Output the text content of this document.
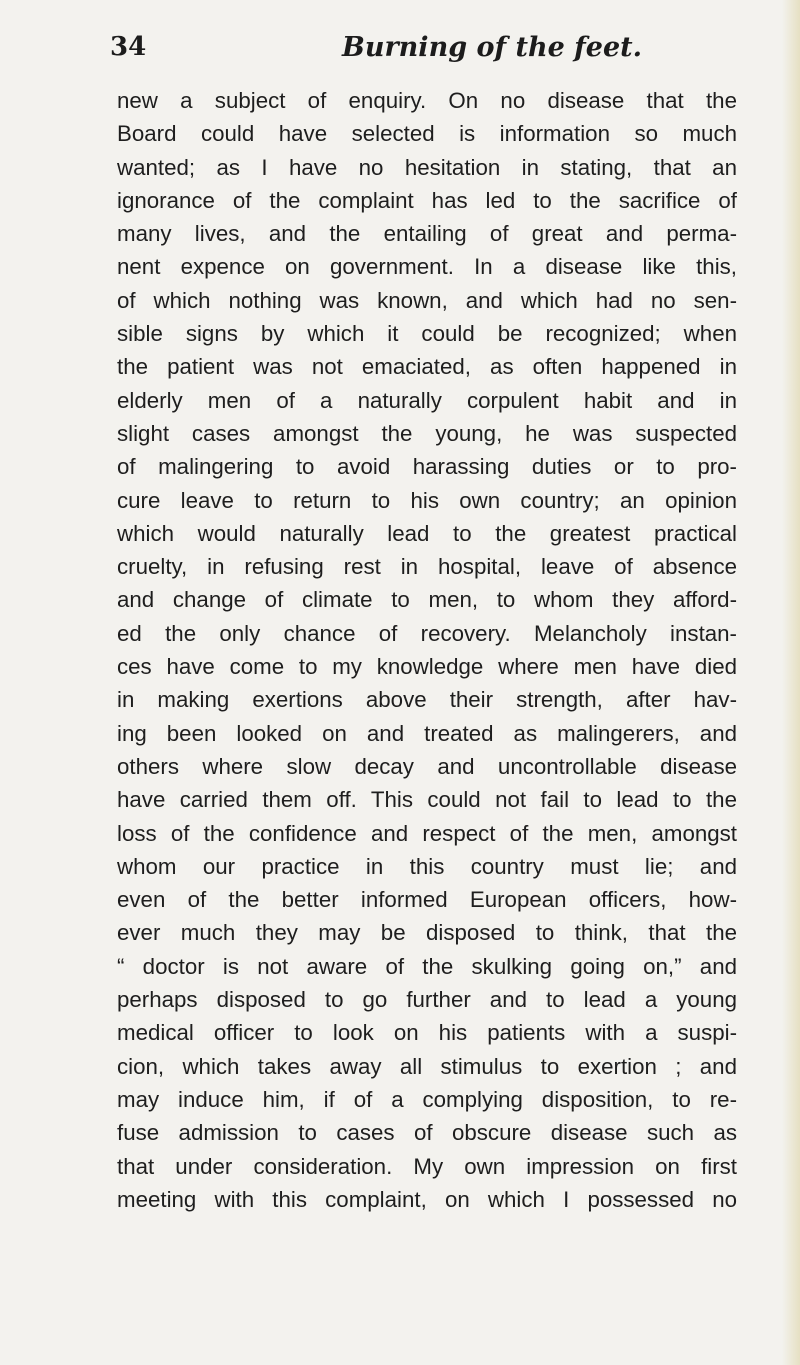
34	Burning of the feet.
new a subject of enquiry. On no disease that the
Board could have selected is information so much
wanted; as I have no hesitation in stating, that an
ignorance of the complaint has led to the sacrifice of
many lives, and the entailing of great and perma-
nent expence on government. In a disease like this,
of which nothing was known, and which had no sen-
sible signs by which it could be recognized; when
the patient was not emaciated, as often happened in
elderly men of a naturally corpulent habit and in
slight cases amongst the young, he was suspected
of malingering to avoid harassing duties or to pro-
cure leave to return to his own country; an opinion
which would naturally lead to the greatest practical
cruelty, in refusing rest in hospital, leave of absence
and change of climate to men, to whom they afford-
ed the only chance of recovery. Melancholy instan-
ces have come to my knowledge where men have died
in making exertions above their strength, after hav-
ing been looked on and treated as malingerers, and
others where slow decay and uncontrollable disease
have carried them off. This could not fail to lead to the
loss of the confidence and respect of the men, amongst
whom our practice in this country must lie; and
even of the better informed European officers, how-
ever much they may be disposed to think, that the
“ doctor is not aware of the skulking going on,” and
perhaps disposed to go further and to lead a young
medical officer to look on his patients with a suspi-
cion, which takes away all stimulus to exertion ; and
may induce him, if of a complying disposition, to re-
fuse admission to cases of obscure disease such as
that under consideration. My own impression on first
meeting with this complaint, on which I possessed no
